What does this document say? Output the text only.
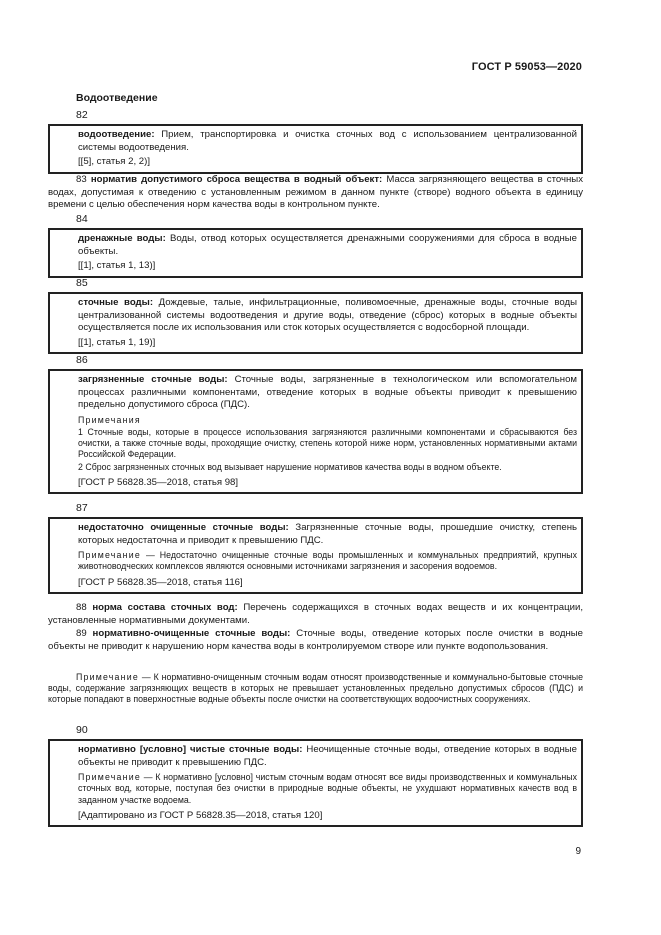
ГОСТ Р 59053—2020
Водоотведение
82

водоотведение: Прием, транспортировка и очистка сточных вод с использованием централизованной системы водоотведения.

[[5], статья 2, 2)]

83 норматив допустимого сброса вещества в водный объект: Масса загрязняющего вещества в сточных водах, допустимая к отведению с установленным режимом в данном пункте (створе) водного объекта в единицу времени с целью обеспечения норм качества воды в контрольном пункте.

84

дренажные воды: Воды, отвод которых осуществляется дренажными сооружениями для сброса в водные объекты.

[[1], статья 1, 13)]

85

сточные воды: Дождевые, талые, инфильтрационные, поливомоечные, дренажные воды, сточные воды централизованной системы водоотведения и другие воды, отведение (сброс) которых в водные объекты осуществляется после их использования или сток которых осуществляется с водосборной площади.

[[1], статья 1, 19)]

86

загрязненные сточные воды: Сточные воды, загрязненные в технологическом или вспомогательном процессах различными компонентами, отведение которых в водные объекты приводит к превышению предельно допустимого сброса (ПДС).

Примечания

1 Сточные воды, которые в процессе использования загрязняются различными компонентами и сбрасываются без очистки, а также сточные воды, проходящие очистку, степень которой ниже норм, установленных нормативными актами Российской Федерации.

2 Сброс загрязненных сточных вод вызывает нарушение нормативов качества воды в водном объекте.

[ГОСТ Р 56828.35—2018, статья 98]

87

недостаточно очищенные сточные воды: Загрязненные сточные воды, прошедшие очистку, степень которых недостаточна и приводит к превышению ПДС.

Примечание — Недостаточно очищенные сточные воды промышленных и коммунальных предприятий, крупных животноводческих комплексов являются основными источниками загрязнения и засорения водоемов.

[ГОСТ Р 56828.35—2018, статья 116]

88 норма состава сточных вод: Перечень содержащихся в сточных водах веществ и их концентрации, установленные нормативными документами.

89 нормативно-очищенные сточные воды: Сточные воды, отведение которых после очистки в водные объекты не приводит к нарушению норм качества воды в контролируемом створе или пункте водопользования.

Примечание — К нормативно-очищенным сточным водам относят производственные и коммунально-бытовые сточные воды, содержание загрязняющих веществ в которых не превышает установленных предельно допустимых сбросов (ПДС) и которые попадают в поверхностные водные объекты после очистки на соответствующих водоочистных сооружениях.

90

нормативно [условно] чистые сточные воды: Неочищенные сточные воды, отведение которых в водные объекты не приводит к превышению ПДС.

Примечание — К нормативно [условно] чистым сточным водам относят все виды производственных и коммунальных сточных вод, которые, поступая без очистки в природные водные объекты, не ухудшают нормативных качеств вод в заданном участке водоема.

[Адаптировано из ГОСТ Р 56828.35—2018, статья 120]

9
